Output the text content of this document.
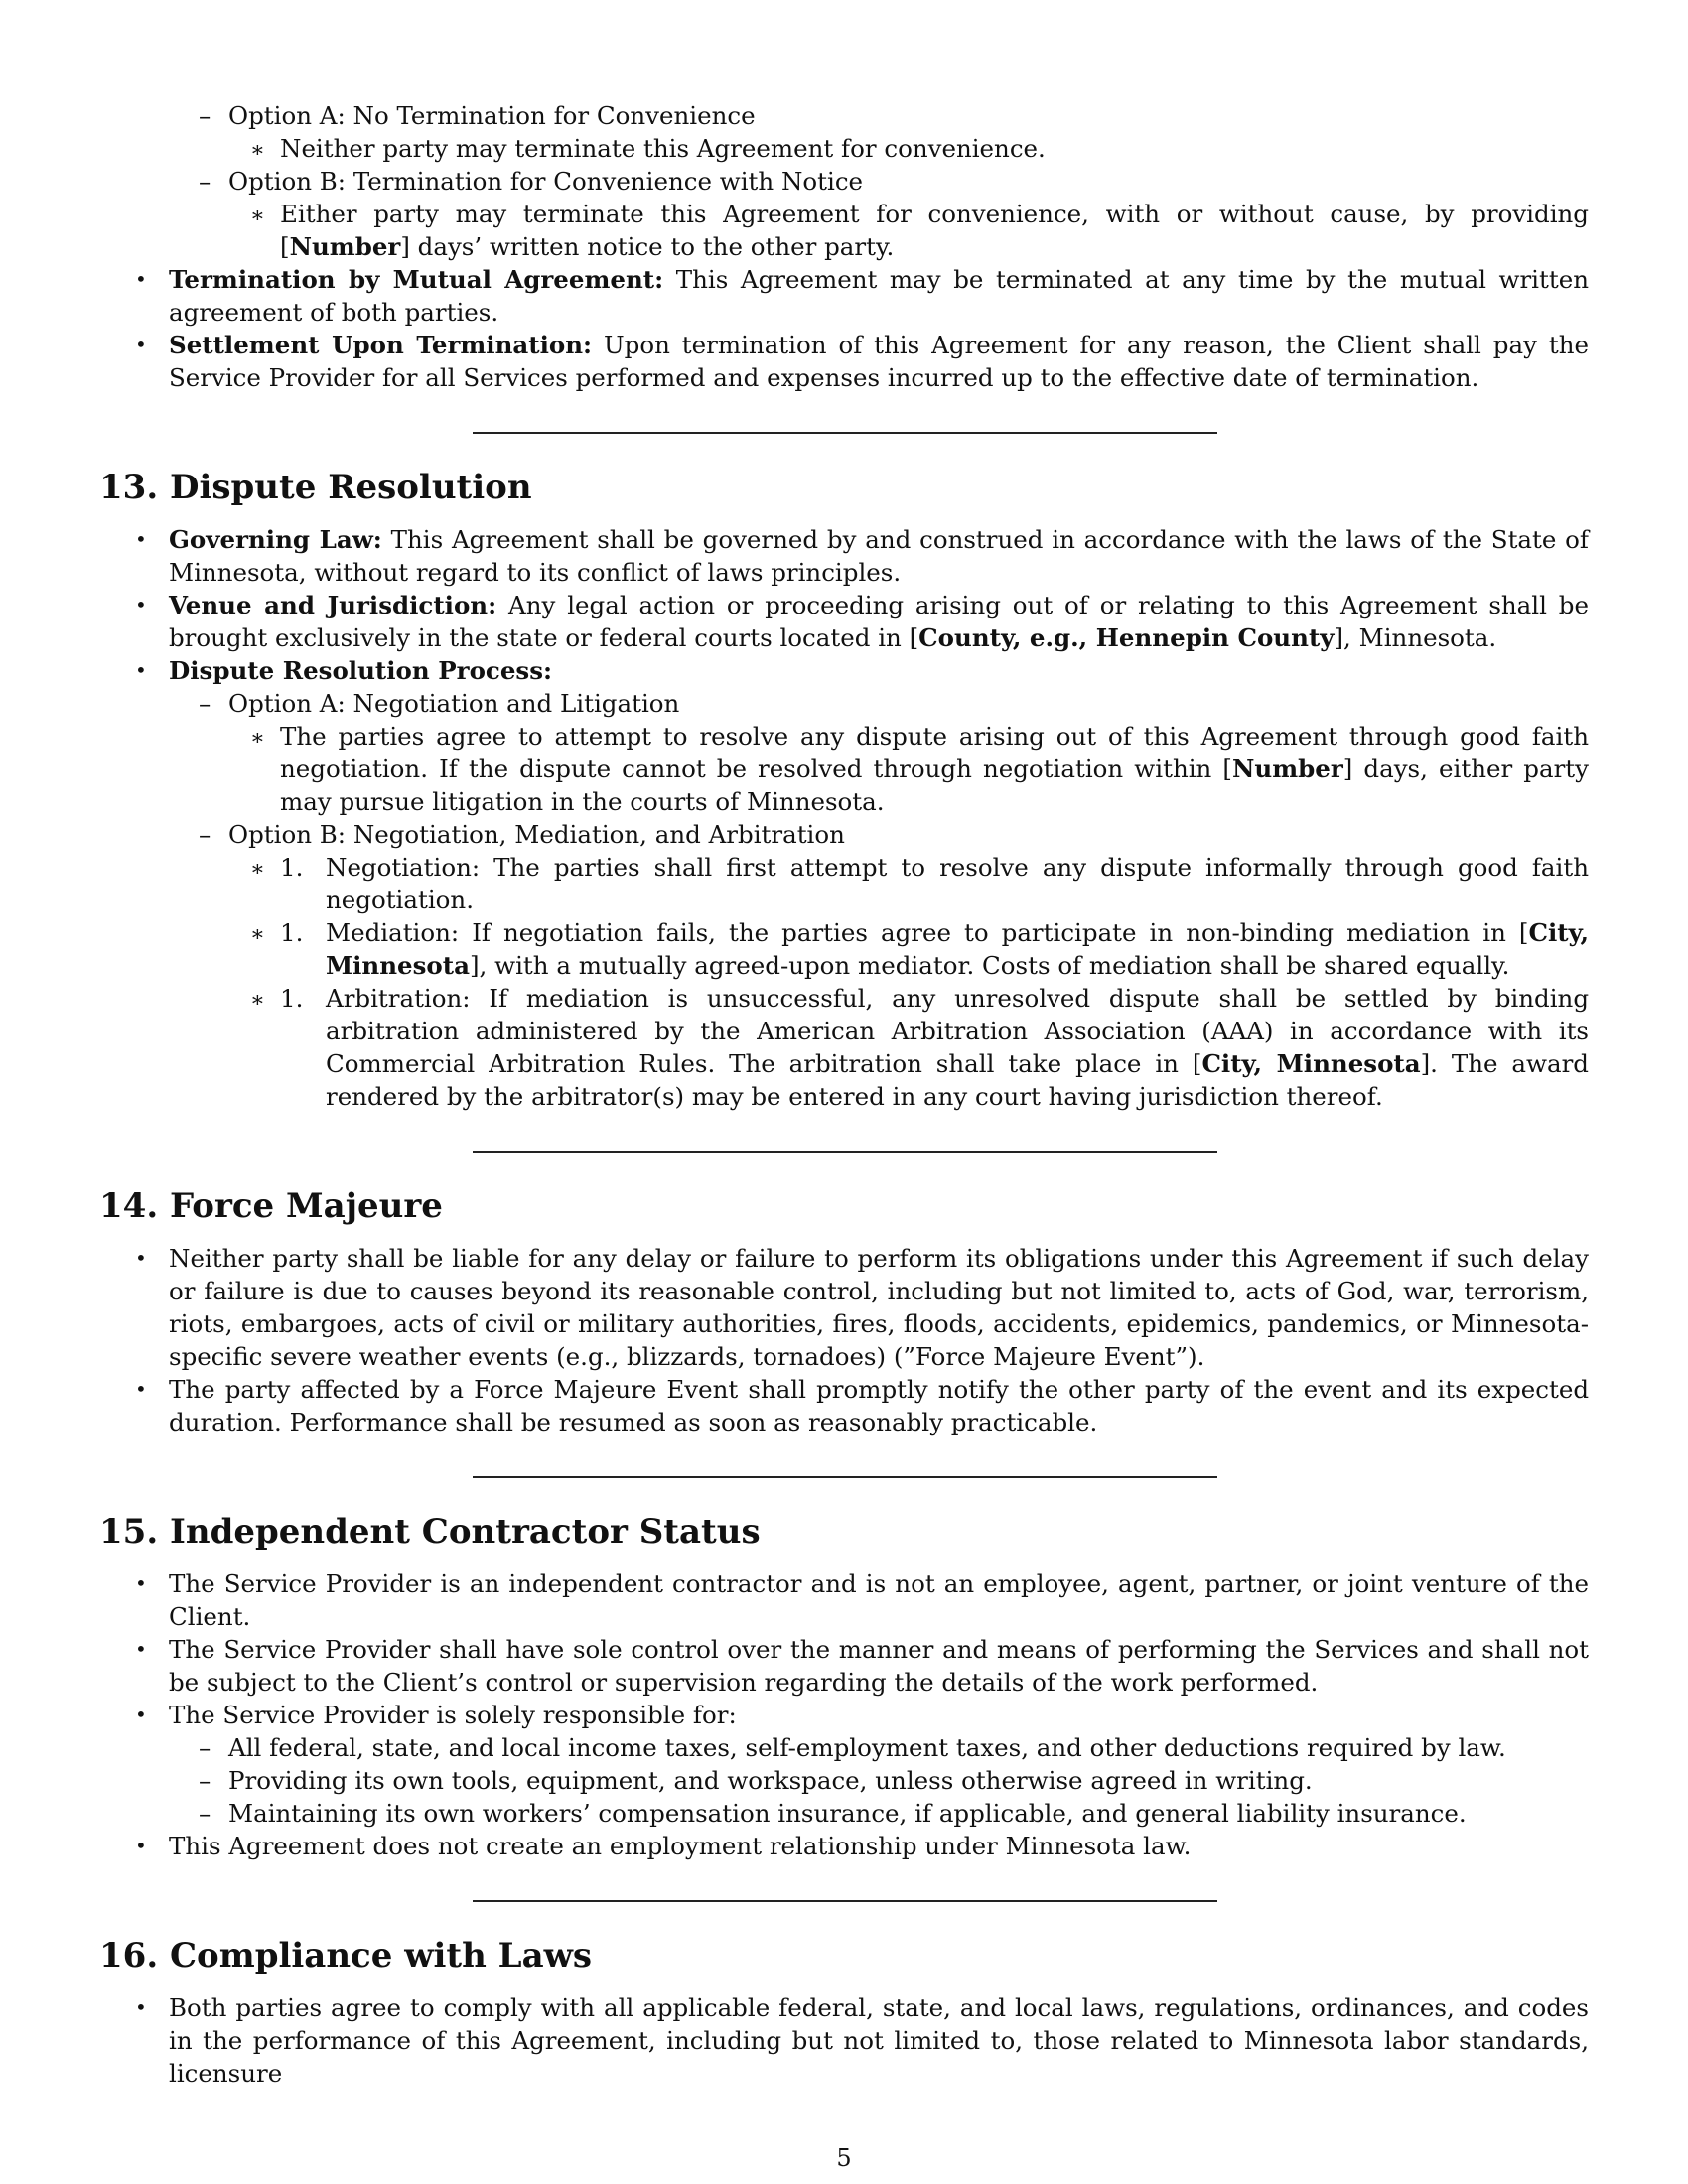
– Option A: No Termination for Convenience
∗ Neither party may terminate this Agreement for convenience.
– Option B: Termination for Convenience with Notice
∗ Either party may terminate this Agreement for convenience, with or without cause, by providing [Number] days’ written notice to the other party.
• Termination by Mutual Agreement: This Agreement may be terminated at any time by the mutual written agreement of both parties.
• Settlement Upon Termination: Upon termination of this Agreement for any reason, the Client shall pay the Service Provider for all Services performed and expenses incurred up to the effective date of termination.
13. Dispute Resolution
• Governing Law: This Agreement shall be governed by and construed in accordance with the laws of the State of Minnesota, without regard to its conflict of laws principles.
• Venue and Jurisdiction: Any legal action or proceeding arising out of or relating to this Agreement shall be brought exclusively in the state or federal courts located in [County, e.g., Hennepin County], Minnesota.
• Dispute Resolution Process:
– Option A: Negotiation and Litigation
∗ The parties agree to attempt to resolve any dispute arising out of this Agreement through good faith negotiation. If the dispute cannot be resolved through negotiation within [Number] days, either party may pursue litigation in the courts of Minnesota.
– Option B: Negotiation, Mediation, and Arbitration
∗ 1. Negotiation: The parties shall first attempt to resolve any dispute informally through good faith negotiation.
∗ 1. Mediation: If negotiation fails, the parties agree to participate in non-binding mediation in [City, Minnesota], with a mutually agreed-upon mediator. Costs of mediation shall be shared equally.
∗ 1. Arbitration: If mediation is unsuccessful, any unresolved dispute shall be settled by binding arbitration administered by the American Arbitration Association (AAA) in accordance with its Commercial Arbitration Rules. The arbitration shall take place in [City, Minnesota]. The award rendered by the arbitrator(s) may be entered in any court having jurisdiction thereof.
14. Force Majeure
• Neither party shall be liable for any delay or failure to perform its obligations under this Agreement if such delay or failure is due to causes beyond its reasonable control, including but not limited to, acts of God, war, terrorism, riots, embargoes, acts of civil or military authorities, fires, floods, accidents, epidemics, pandemics, or Minnesota-specific severe weather events (e.g., blizzards, tornadoes) (”Force Majeure Event”).
• The party affected by a Force Majeure Event shall promptly notify the other party of the event and its expected duration. Performance shall be resumed as soon as reasonably practicable.
15. Independent Contractor Status
• The Service Provider is an independent contractor and is not an employee, agent, partner, or joint venture of the Client.
• The Service Provider shall have sole control over the manner and means of performing the Services and shall not be subject to the Client’s control or supervision regarding the details of the work performed.
• The Service Provider is solely responsible for:
– All federal, state, and local income taxes, self-employment taxes, and other deductions required by law.
– Providing its own tools, equipment, and workspace, unless otherwise agreed in writing.
– Maintaining its own workers’ compensation insurance, if applicable, and general liability insurance.
• This Agreement does not create an employment relationship under Minnesota law.
16. Compliance with Laws
• Both parties agree to comply with all applicable federal, state, and local laws, regulations, ordinances, and codes in the performance of this Agreement, including but not limited to, those related to Minnesota labor standards, licensure
5
